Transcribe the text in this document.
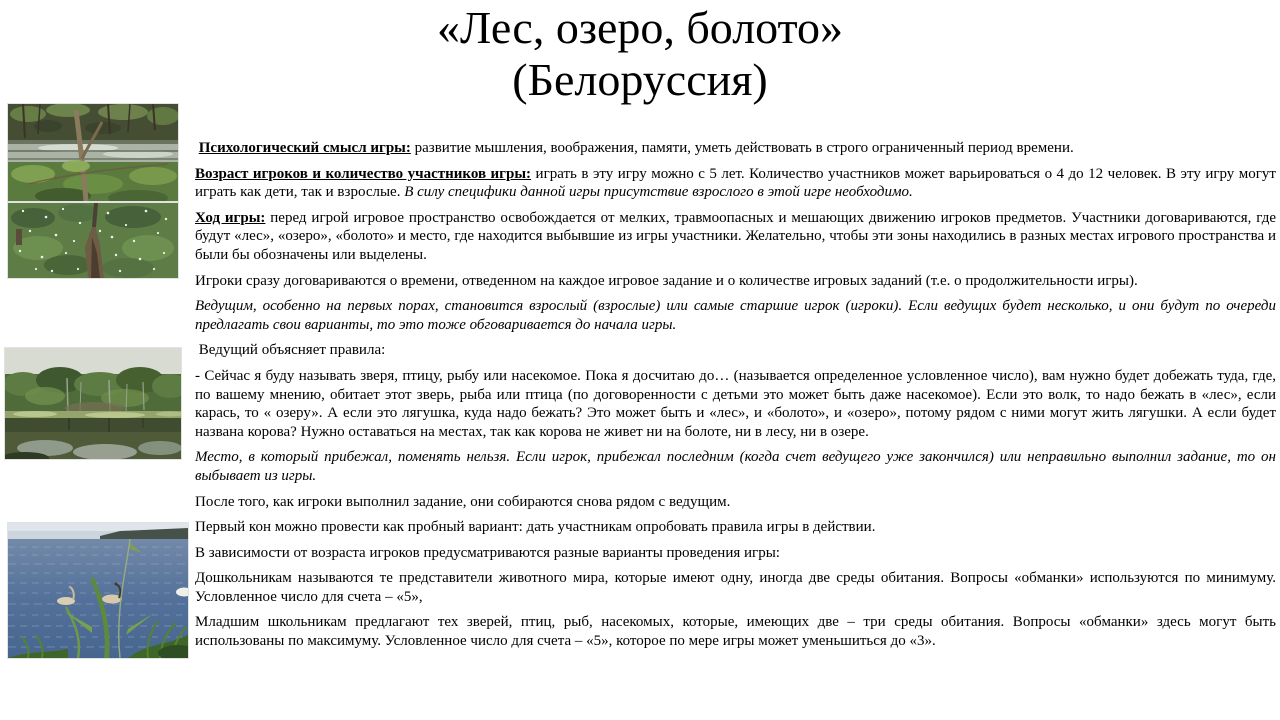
«Лес, озеро, болото»
(Белоруссия)

Психологический смысл игры: развитие мышления, воображения, памяти, уметь действовать в строго ограниченный период времени.

Возраст игроков и количество участников игры: играть в эту игру можно с 5 лет. Количество участников может варьироваться о 4 до 12 человек. В эту игру могут играть как дети, так и взрослые. В силу специфики данной игры присутствие взрослого в этой игре необходимо.

Ход игры: перед игрой игровое пространство освобождается от мелких, травмоопасных и мешающих движению игроков предметов. Участники договариваются, где будут «лес», «озеро», «болото» и место, где находится выбывшие из игры участники. Желательно, чтобы эти зоны находились в разных местах игрового пространства и были бы обозначены или выделены.

Игроки сразу договариваются о времени, отведенном на каждое игровое задание и о количестве игровых заданий (т.е. о продолжительности игры).

Ведущим, особенно на первых порах, становится взрослый (взрослые) или самые старшие игрок (игроки). Если ведущих будет несколько, и они будут по очереди предлагать свои варианты, то это тоже обговаривается до начала игры.

Ведущий объясняет правила:

- Сейчас я буду называть зверя, птицу, рыбу или насекомое. Пока я досчитаю до… (называется определенное условленное число), вам нужно будет добежать туда, где, по вашему мнению, обитает этот зверь, рыба или птица (по договоренности с детьми это может быть даже насекомое). Если это волк, то надо бежать в «лес», если карась, то « озеру». А если это лягушка, куда надо бежать? Это может быть и «лес», и «болото», и «озеро», потому рядом с ними могут жить лягушки. А если будет названа корова? Нужно оставаться на местах, так как корова не живет ни на болоте, ни в лесу, ни в озере.

Место, в который прибежал, поменять нельзя. Если игрок, прибежал последним (когда счет ведущего уже закончился) или неправильно выполнил задание, то он выбывает из игры.

После того, как игроки выполнил задание, они собираются снова рядом с ведущим.

Первый кон можно провести как пробный вариант: дать участникам опробовать правила игры в действии.

В зависимости от возраста игроков предусматриваются разные варианты проведения игры:

Дошкольникам называются те представители животного мира, которые имеют одну, иногда две среды обитания. Вопросы «обманки» используются по минимуму. Условленное число для счета – «5»,

Младшим школьникам предлагают тех зверей, птиц, рыб, насекомых, которые, имеющих две – три среды обитания. Вопросы «обманки» здесь могут быть использованы по максимуму. Условленное число для счета – «5», которое по мере игры может уменьшиться до «3».
